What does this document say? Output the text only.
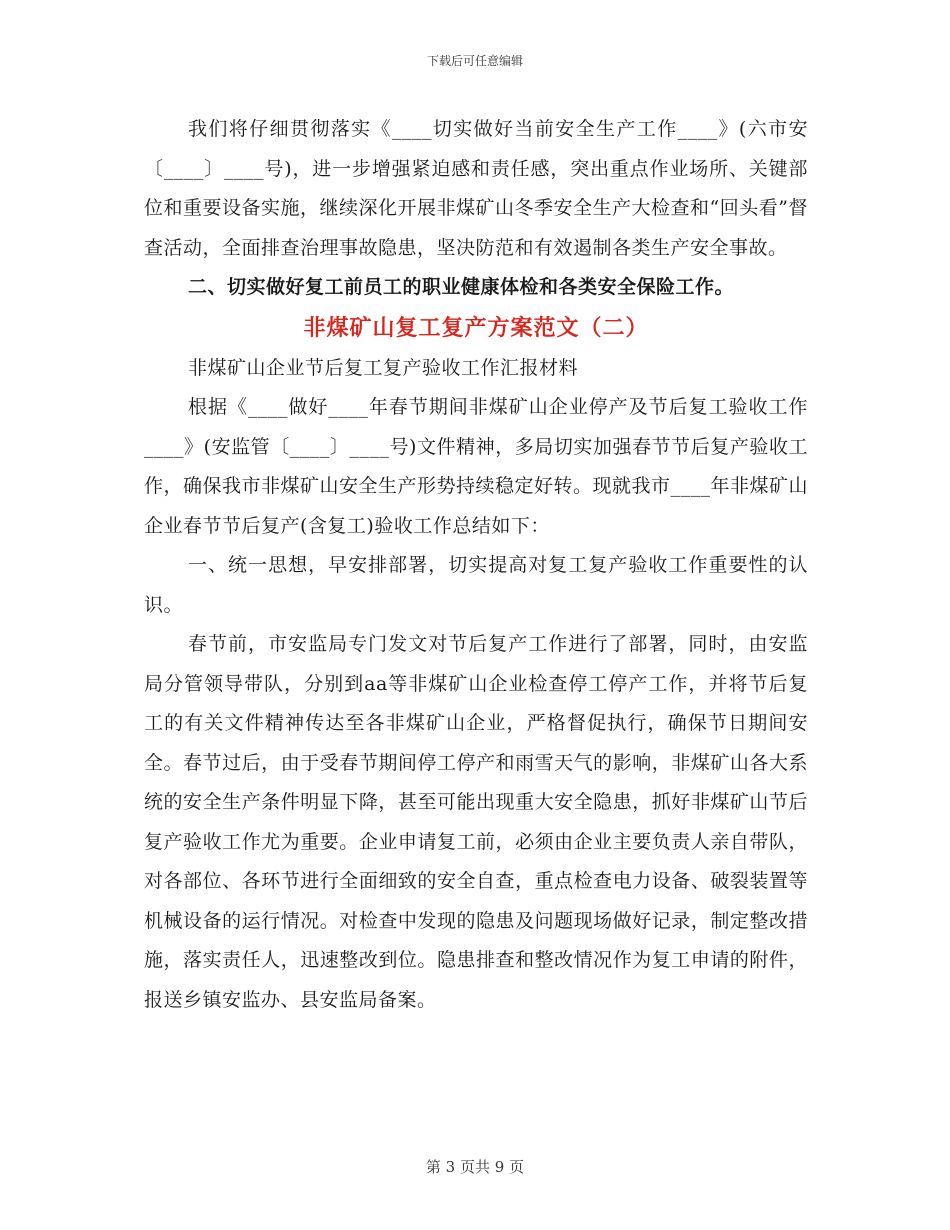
下载后可任意编辑

我们将仔细贯彻落实《____切实做好当前安全生产工作____》(六市安〔____〕____号)，进一步增强紧迫感和责任感，突出重点作业场所、关键部位和重要设备实施，继续深化开展非煤矿山冬季安全生产大检查和“回头看”督查活动，全面排查治理事故隐患，坚决防范和有效遏制各类生产安全事故。

二、切实做好复工前员工的职业健康体检和各类安全保险工作。

非煤矿山复工复产方案范文（二）

非煤矿山企业节后复工复产验收工作汇报材料

根据《____做好____年春节期间非煤矿山企业停产及节后复工验收工作____》(安监管〔____〕____号)文件精神，多局切实加强春节节后复产验收工作，确保我市非煤矿山安全生产形势持续稳定好转。现就我市____年非煤矿山企业春节节后复产(含复工)验收工作总结如下：

一、统一思想，早安排部署，切实提高对复工复产验收工作重要性的认识。

春节前，市安监局专门发文对节后复产工作进行了部署，同时，由安监局分管领导带队，分别到aa等非煤矿山企业检查停工停产工作，并将节后复工的有关文件精神传达至各非煤矿山企业，严格督促执行，确保节日期间安全。春节过后，由于受春节期间停工停产和雨雪天气的影响，非煤矿山各大系统的安全生产条件明显下降，甚至可能出现重大安全隐患，抓好非煤矿山节后复产验收工作尤为重要。企业申请复工前，必须由企业主要负责人亲自带队，对各部位、各环节进行全面细致的安全自查，重点检查电力设备、破裂装置等机械设备的运行情况。对检查中发现的隐患及问题现场做好记录，制定整改措施，落实责任人，迅速整改到位。隐患排查和整改情况作为复工申请的附件，报送乡镇安监办、县安监局备案。

第 3 页共 9 页
